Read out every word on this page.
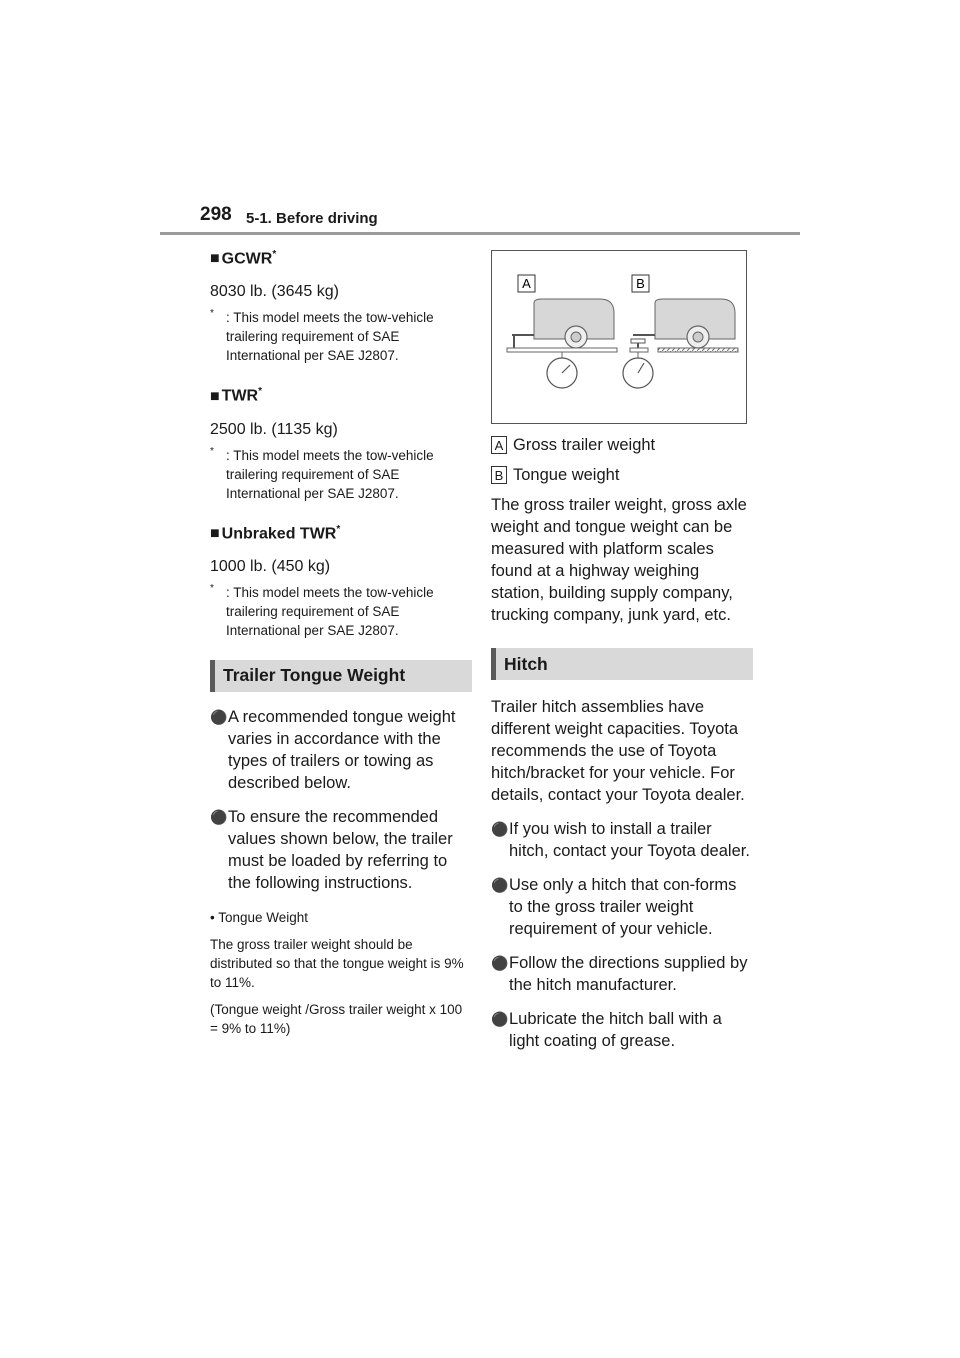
298 5-1. Before driving

■ GCWR*

8030 lb. (3645 kg)

* : This model meets the tow-vehicle trailering requirement of SAE International per SAE J2807.

■ TWR*

2500 lb. (1135 kg)

* : This model meets the tow-vehicle trailering requirement of SAE International per SAE J2807.

■ Unbraked TWR*

1000 lb. (450 kg)

* : This model meets the tow-vehicle trailering requirement of SAE International per SAE J2807.

Trailer Tongue Weight

⚫ A recommended tongue weight varies in accordance with the types of trailers or towing as described below.

⚫ To ensure the recommended values shown below, the trailer must be loaded by referring to the following instructions.

• Tongue Weight

The gross trailer weight should be distributed so that the tongue weight is 9% to 11%.

(Tongue weight /Gross trailer weight x 100 = 9% to 11%)

A	B

A Gross trailer weight

B Tongue weight

The gross trailer weight, gross axle weight and tongue weight can be measured with platform scales found at a highway weighing station, building supply company, trucking company, junk yard, etc.

Hitch

Trailer hitch assemblies have different weight capacities. Toyota recommends the use of Toyota hitch/bracket for your vehicle. For details, contact your Toyota dealer.

⚫ If you wish to install a trailer hitch, contact your Toyota dealer.

⚫ Use only a hitch that con-forms to the gross trailer weight requirement of your vehicle.

⚫ Follow the directions supplied by the hitch manufacturer.

⚫ Lubricate the hitch ball with a light coating of grease.
